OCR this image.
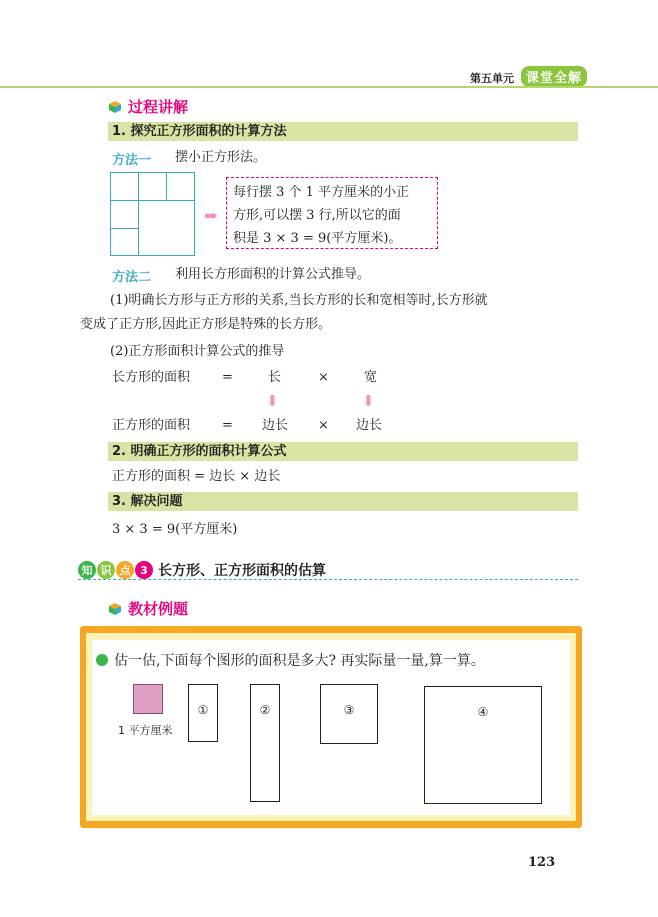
第五单元 课堂全解
过程讲解
1. 探究正方形面积的计算方法
方法一 摆小正方形法。
➡
每行摆 3 个 1 平方厘米的小正
方形,可以摆 3 行,所以它的面
积是 3 × 3 = 9(平方厘米)。
方法二 利用长方形面积的计算公式推导。
(1)明确长方形与正方形的关系,当长方形的长和宽相等时,长方形就
变成了正方形,因此正方形是特殊的长方形。
(2)正方形面积计算公式的推导
长方形的面积 =	长	×	宽
⬇	⬇
正方形的面积 = 边长 × 边长
2. 明确正方形的面积计算公式
正方形的面积 = 边长 × 边长
3. 解决问题
3 × 3 = 9(平方厘米)
知 识 点 3 长方形、正方形面积的估算
教材例题
估一估,下面每个图形的面积是多大? 再实际量一量,算一算。
1 平方厘米
①	②	③	④
123
